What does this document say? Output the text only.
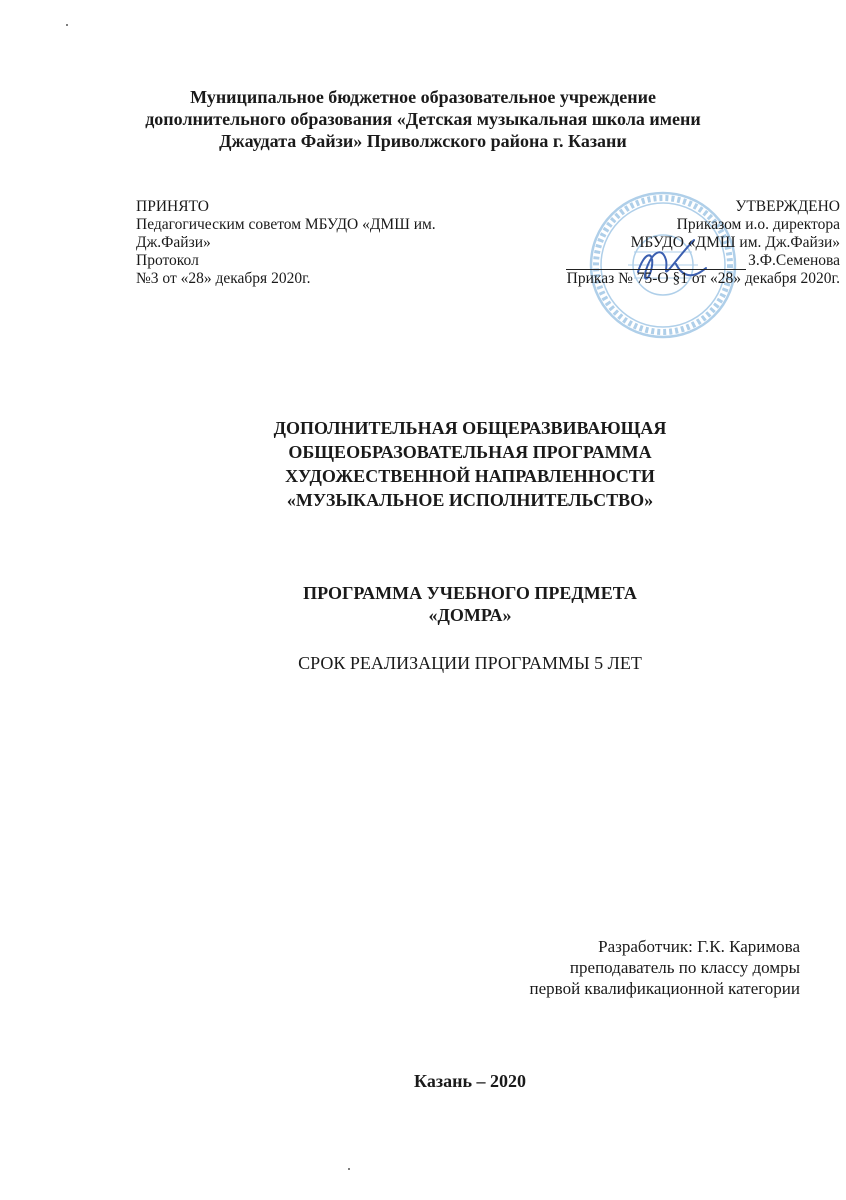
Муниципальное бюджетное образовательное учреждение
дополнительного образования «Детская музыкальная школа имени
Джаудата Файзи» Приволжского района г. Казани
ПРИНЯТО
Педагогическим советом МБУДО «ДМШ им.
Дж.Файзи»
Протокол
№3 от «28» декабря 2020г.
УТВЕРЖДЕНО
Приказом и.о. директора
МБУДО «ДМШ им. Дж.Файзи»
З.Ф.Семенова
Приказ № 75-О §1 от «28» декабря 2020г.
ДОПОЛНИТЕЛЬНАЯ ОБЩЕРАЗВИВАЮЩАЯ
ОБЩЕОБРАЗОВАТЕЛЬНАЯ ПРОГРАММА
ХУДОЖЕСТВЕННОЙ НАПРАВЛЕННОСТИ
«МУЗЫКАЛЬНОЕ ИСПОЛНИТЕЛЬСТВО»
ПРОГРАММА УЧЕБНОГО ПРЕДМЕТА
«ДОМРА»
СРОК РЕАЛИЗАЦИИ ПРОГРАММЫ 5 ЛЕТ
Разработчик: Г.К. Каримова
преподаватель по классу домры
первой квалификационной категории
Казань – 2020
